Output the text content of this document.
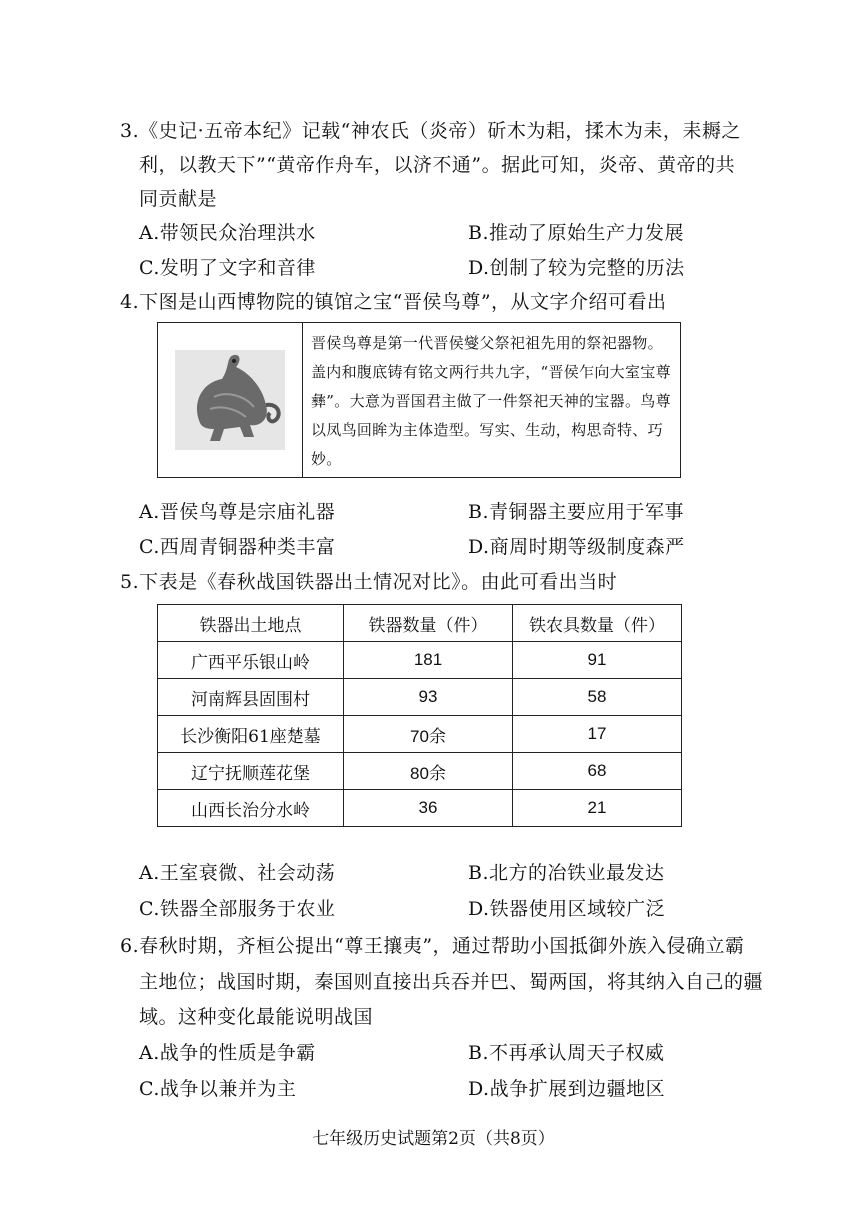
3.《史记·五帝本纪》记载“神农氏（炎帝）斫木为耜，揉木为耒，耒耨之
利，以教天下”“黄帝作舟车，以济不通”。据此可知，炎帝、黄帝的共
同贡献是
A.带领民众治理洪水	B.推动了原始生产力发展
C.发明了文字和音律	D.创制了较为完整的历法
4.下图是山西博物院的镇馆之宝“晋侯鸟尊”，从文字介绍可看出
晋侯鸟尊是第一代晋侯燮父祭祀祖先用的祭祀器物。盖内和腹底铸有铭文两行共九字，“晋侯乍向大室宝尊彝”。大意为晋国君主做了一件祭祀天神的宝器。鸟尊以凤鸟回眸为主体造型。写实、生动，构思奇特、巧妙。
A.晋侯鸟尊是宗庙礼器	B.青铜器主要应用于军事
C.西周青铜器种类丰富	D.商周时期等级制度森严
5.下表是《春秋战国铁器出土情况对比》。由此可看出当时
铁器出土地点	铁器数量（件）	铁农具数量（件）
广西平乐银山岭	181	91
河南辉县固围村	93	58
长沙衡阳61座楚墓	70余	17
辽宁抚顺莲花堡	80余	68
山西长治分水岭	36	21
A.王室衰微、社会动荡	B.北方的冶铁业最发达
C.铁器全部服务于农业	D.铁器使用区域较广泛
6.春秋时期，齐桓公提出“尊王攘夷”，通过帮助小国抵御外族入侵确立霸
主地位；战国时期，秦国则直接出兵吞并巴、蜀两国，将其纳入自己的疆
域。这种变化最能说明战国
A.战争的性质是争霸	B.不再承认周天子权威
C.战争以兼并为主	D.战争扩展到边疆地区
七年级历史试题第2页（共8页）
